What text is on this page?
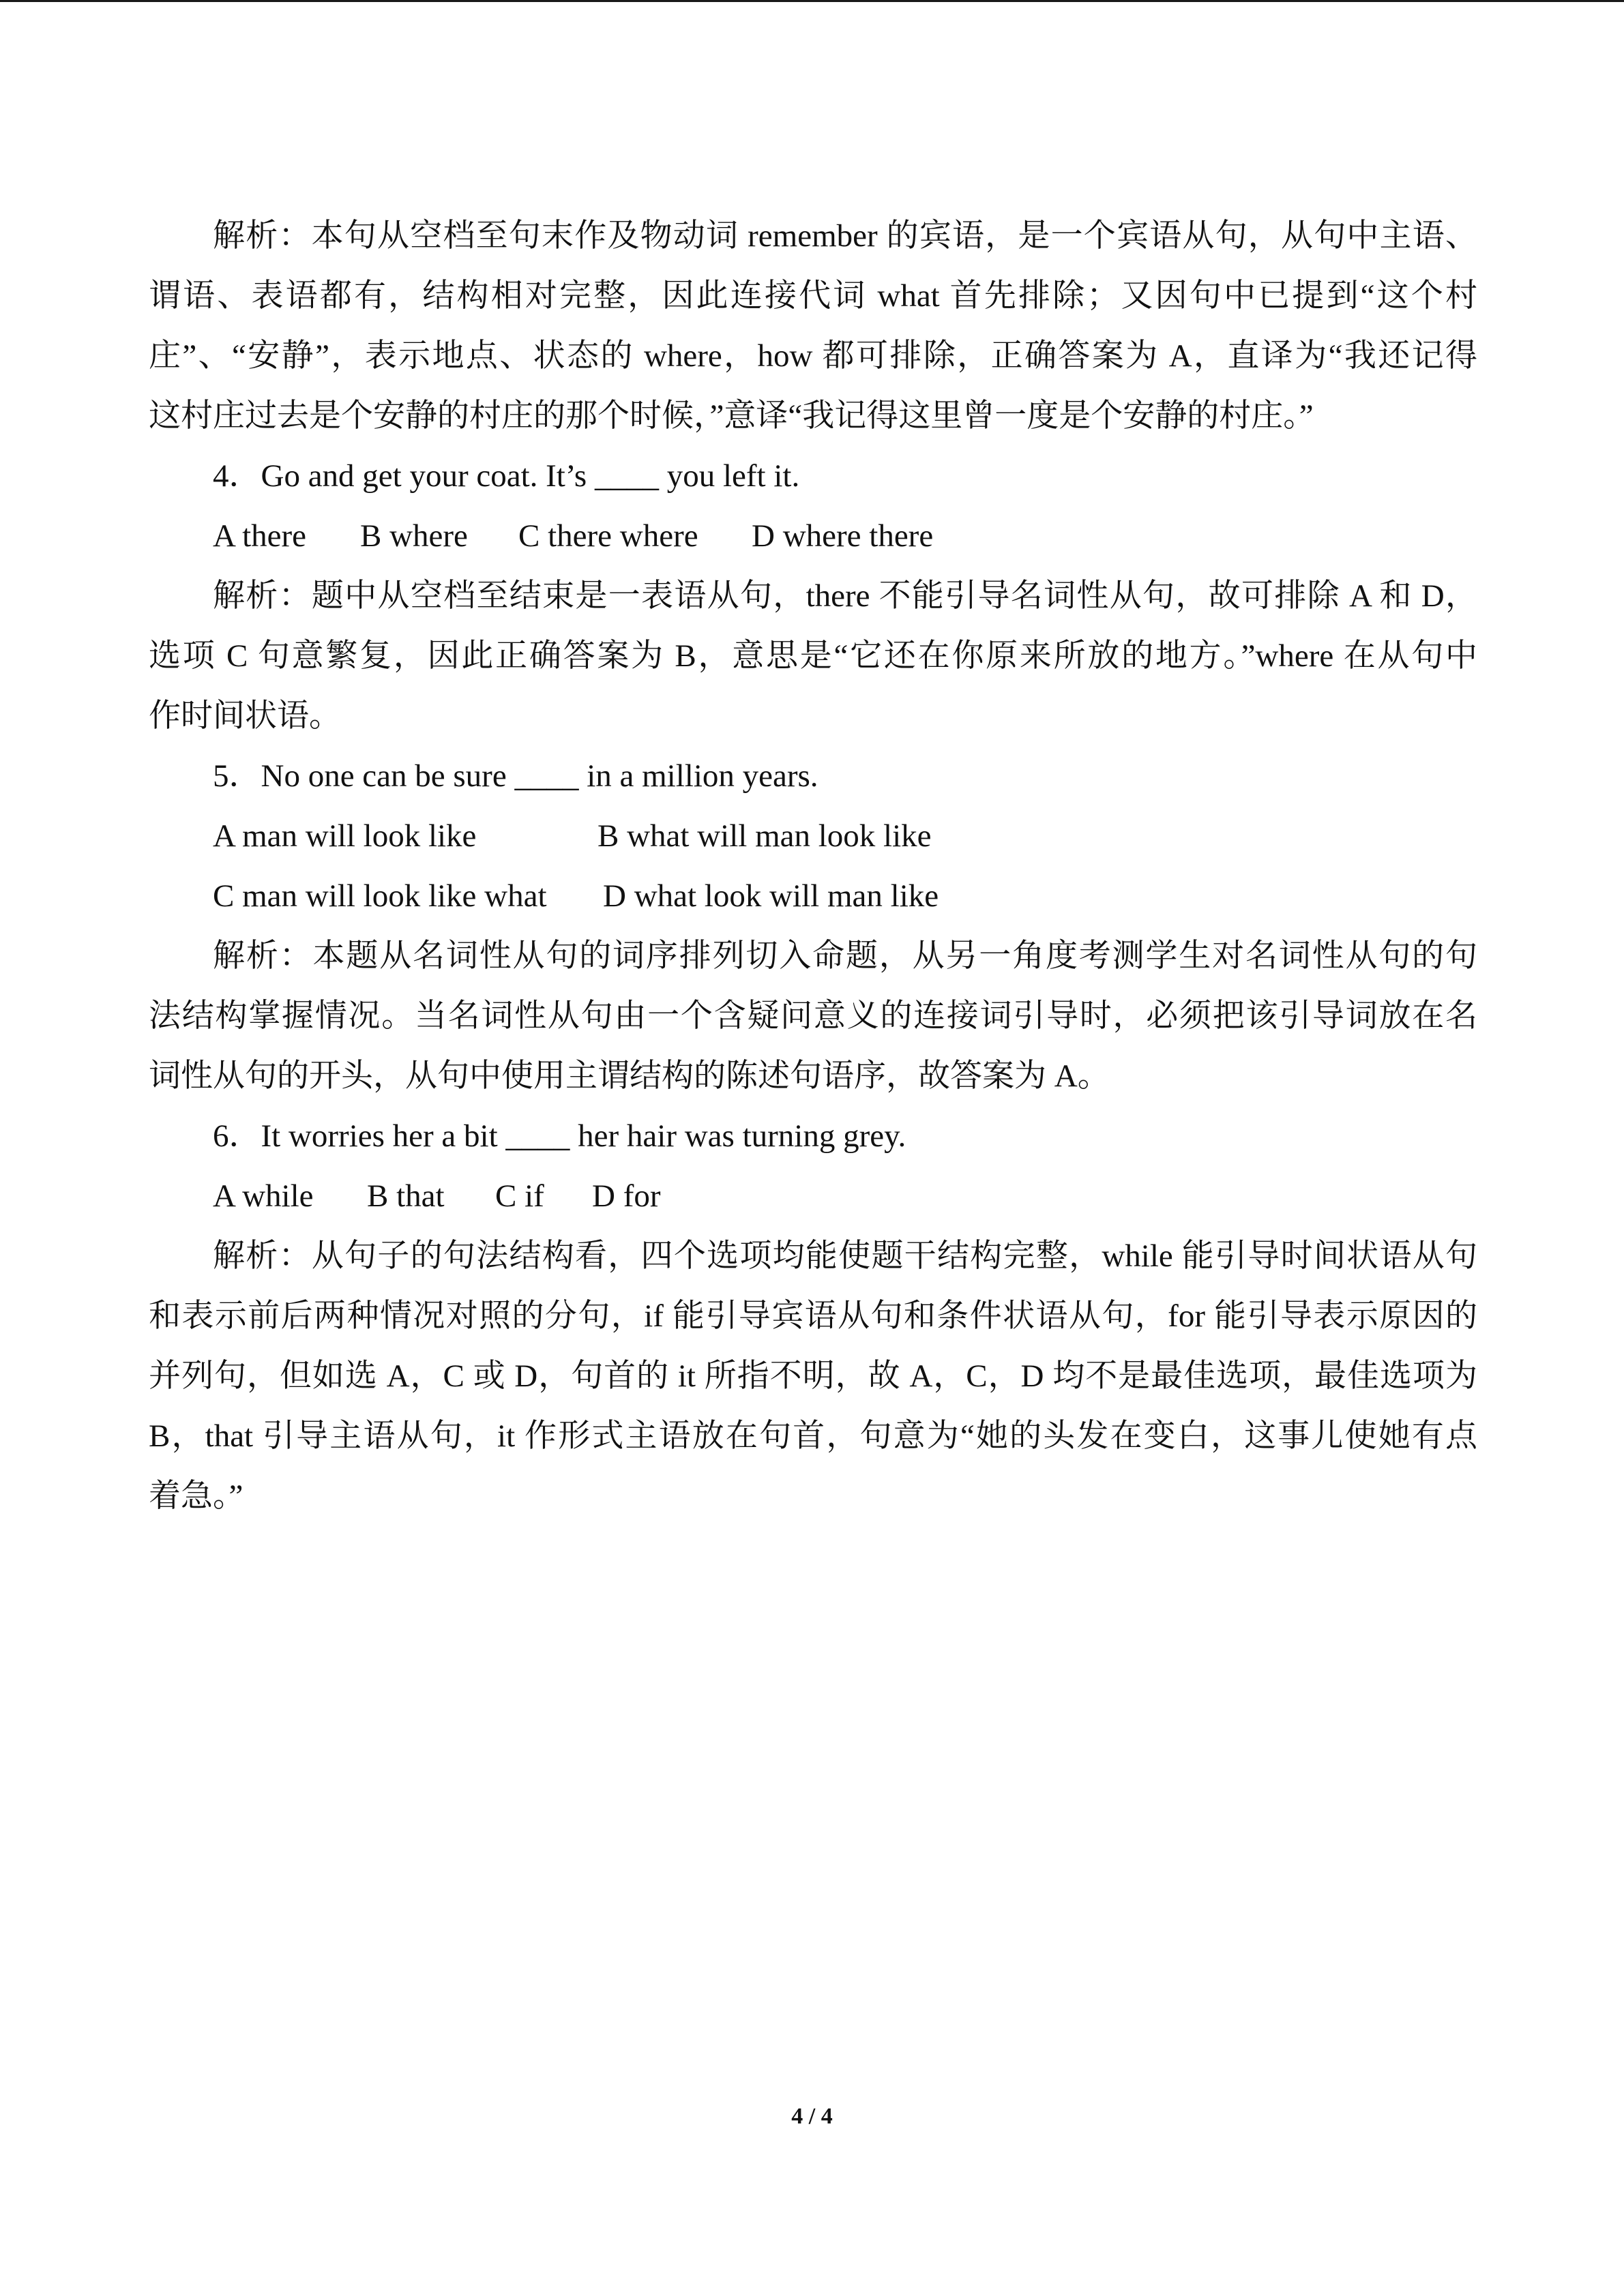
解析：本句从空档至句末作及物动词 remember 的宾语，是一个宾语从句，从句中主语、
谓语、表语都有，结构相对完整，因此连接代词 what 首先排除；又因句中已提到“这个村
庄”、“安静”，表示地点、状态的 where，how 都可排除，正确答案为 A，直译为“我还记得
这村庄过去是个安静的村庄的那个时候，”意译“我记得这里曾一度是个安静的村庄。”
4．Go and get your coat. It’s ____ you left it.
A there B where C there where D where there
解析：题中从空档至结束是一表语从句，there 不能引导名词性从句，故可排除 A 和 D，
选项 C 句意繁复，因此正确答案为 B，意思是“它还在你原来所放的地方。”where 在从句中
作时间状语。
5．No one can be sure ____ in a million years.
A man will look like	B what will man look like
C man will look like what D what look will man like
解析：本题从名词性从句的词序排列切入命题，从另一角度考测学生对名词性从句的句
法结构掌握情况。当名词性从句由一个含疑问意义的连接词引导时，必须把该引导词放在名
词性从句的开头，从句中使用主谓结构的陈述句语序，故答案为 A。
6．It worries her a bit ____ her hair was turning grey.
A while B that C if D for
解析：从句子的句法结构看，四个选项均能使题干结构完整，while 能引导时间状语从句
和表示前后两种情况对照的分句，if 能引导宾语从句和条件状语从句，for 能引导表示原因的
并列句，但如选 A，C 或 D，句首的 it 所指不明，故 A，C，D 均不是最佳选项，最佳选项为
B，that 引导主语从句，it 作形式主语放在句首，句意为“她的头发在变白，这事儿使她有点
着急。”
4 / 4
